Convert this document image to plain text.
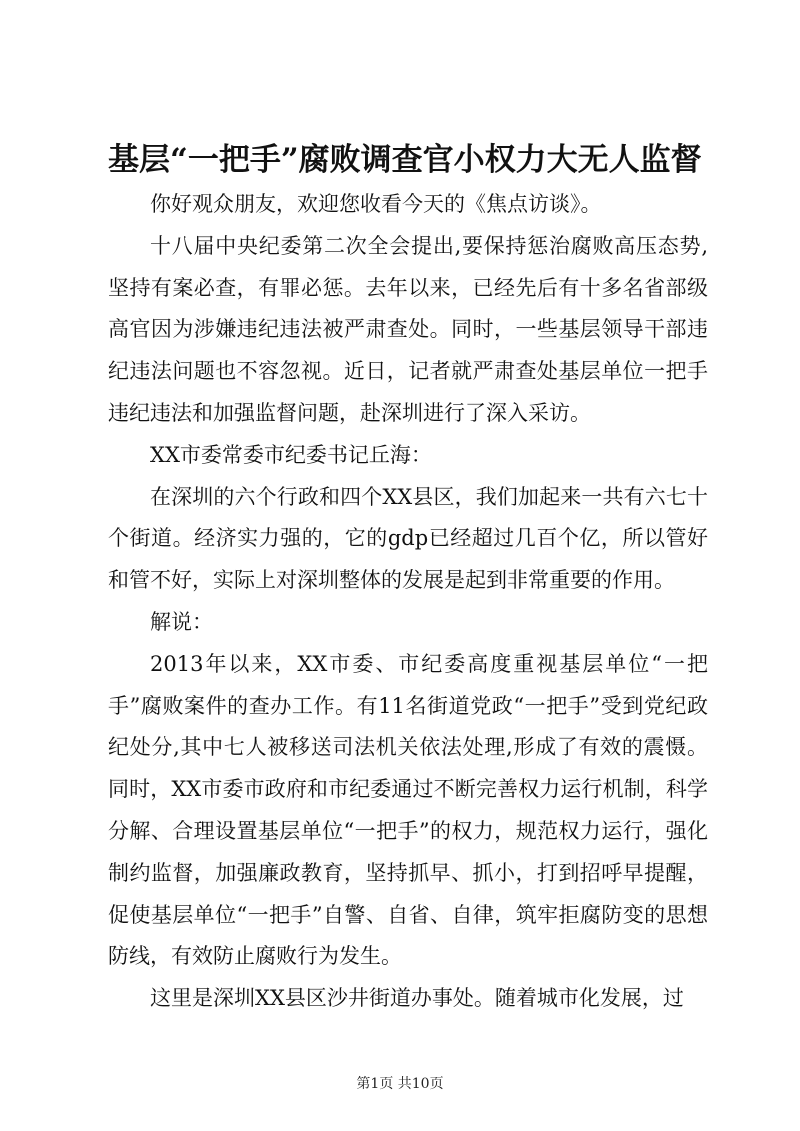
基层“一把手”腐败调查官小权力大无人监督

你好观众朋友，欢迎您收看今天的《焦点访谈》。

十八届中央纪委第二次全会提出,要保持惩治腐败高压态势,坚持有案必查，有罪必惩。去年以来，已经先后有十多名省部级高官因为涉嫌违纪违法被严肃查处。同时，一些基层领导干部违纪违法问题也不容忽视。近日，记者就严肃查处基层单位一把手违纪违法和加强监督问题，赴深圳进行了深入采访。

XX市委常委市纪委书记丘海：

在深圳的六个行政和四个XX县区，我们加起来一共有六七十个街道。经济实力强的，它的gdp已经超过几百个亿，所以管好和管不好，实际上对深圳整体的发展是起到非常重要的作用。

解说：

2013年以来，XX市委、市纪委高度重视基层单位“一把手”腐败案件的查办工作。有11名街道党政“一把手”受到党纪政纪处分,其中七人被移送司法机关依法处理,形成了有效的震慑。同时，XX市委市政府和市纪委通过不断完善权力运行机制，科学分解、合理设置基层单位“一把手”的权力，规范权力运行，强化制约监督，加强廉政教育，坚持抓早、抓小，打到招呼早提醒，促使基层单位“一把手”自警、自省、自律，筑牢拒腐防变的思想防线，有效防止腐败行为发生。

这里是深圳XX县区沙井街道办事处。随着城市化发展，过

第1页 共10页
